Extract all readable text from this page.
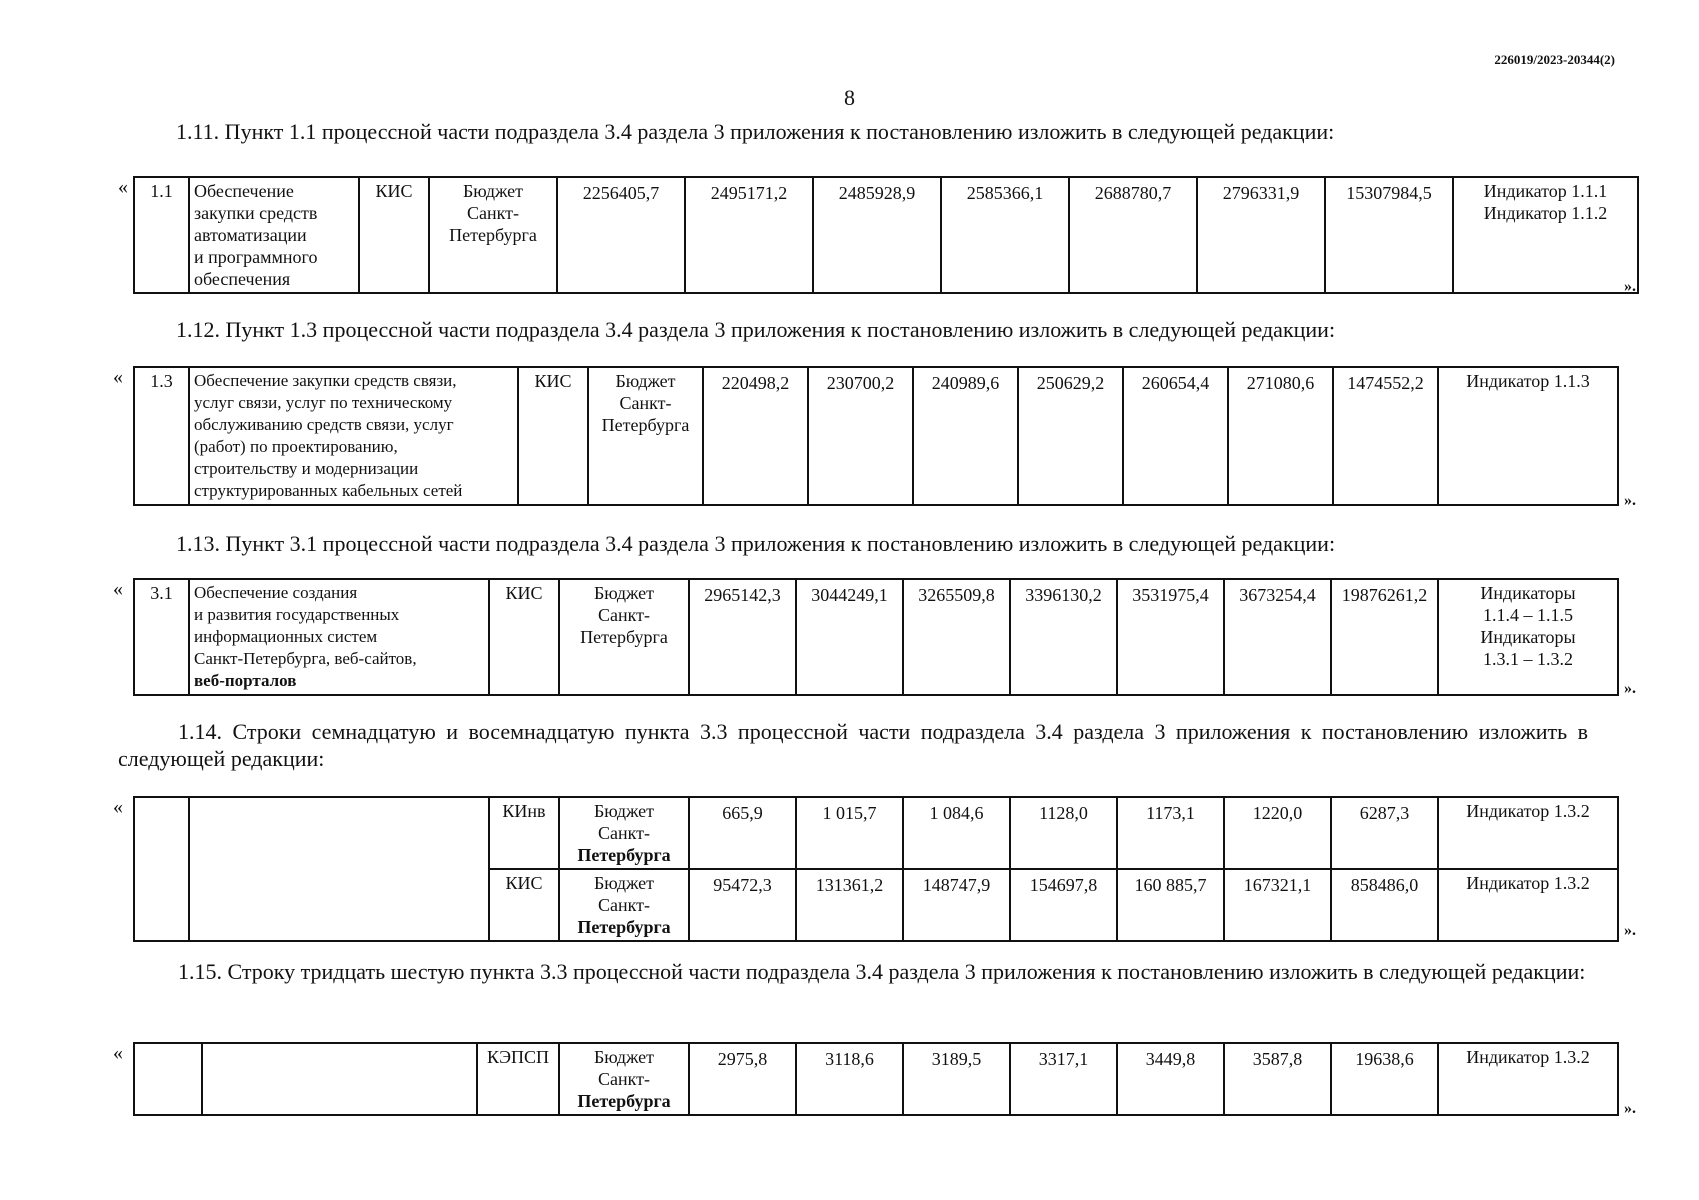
226019/2023-20344(2)
8
1.11. Пункт 1.1 процессной части подраздела 3.4 раздела 3 приложения к постановлению изложить в следующей редакции:
« 1.1	Обеспечение
закупки средств
автоматизации
и программного
обеспечения
	КИС	Бюджет
Санкт-
Петербурга
	2256405,7	2495171,2	2485928,9	2585366,1	2688780,7	2796331,9	15307984,5	Индикатор 1.1.1
Индикатор 1.1.2
».
1.12. Пункт 1.3 процессной части подраздела 3.4 раздела 3 приложения к постановлению изложить в следующей редакции:
« 1.3	Обеспечение закупки средств связи,
услуг связи, услуг по техническому
обслуживанию средств связи, услуг
(работ) по проектированию,
строительству и модернизации
структурированных кабельных сетей
	КИС	Бюджет
Санкт-
Петербурга
	220498,2	230700,2	240989,6	250629,2	260654,4	271080,6	1474552,2	Индикатор 1.1.3
».
1.13. Пункт 3.1 процессной части подраздела 3.4 раздела 3 приложения к постановлению изложить в следующей редакции:
« 3.1	Обеспечение создания
и развития государственных
информационных систем
Санкт-Петербурга, веб-сайтов,
веб-порталов
	КИС	Бюджет
Санкт-
Петербурга
	2965142,3	3044249,1	3265509,8	3396130,2	3531975,4	3673254,4	19876261,2	Индикаторы
1.1.4 – 1.1.5
Индикаторы
1.3.1 – 1.3.2
».
1.14. Строки семнадцатую и восемнадцатую пункта 3.3 процессной части подраздела 3.4 раздела 3 приложения к постановлению изложить в следующей редакции:
«
			КИнв	Бюджет
Санкт-
Петербурга	665,9	1 015,7	1 084,6	1128,0	1173,1	1220,0	6287,3	Индикатор 1.3.2

		КИС	Бюджет
Санкт-
Петербурга	95472,3	131361,2	148747,9	154697,8	160 885,7	167321,1	858486,0	Индикатор 1.3.2
».
1.15. Строку тридцать шестую пункта 3.3 процессной части подраздела 3.4 раздела 3 приложения к постановлению изложить в следующей редакции:
«
			КЭПСП	Бюджет
Санкт-
Петербурга
	2975,8	3118,6	3189,5	3317,1	3449,8	3587,8	19638,6	Индикатор 1.3.2
».
